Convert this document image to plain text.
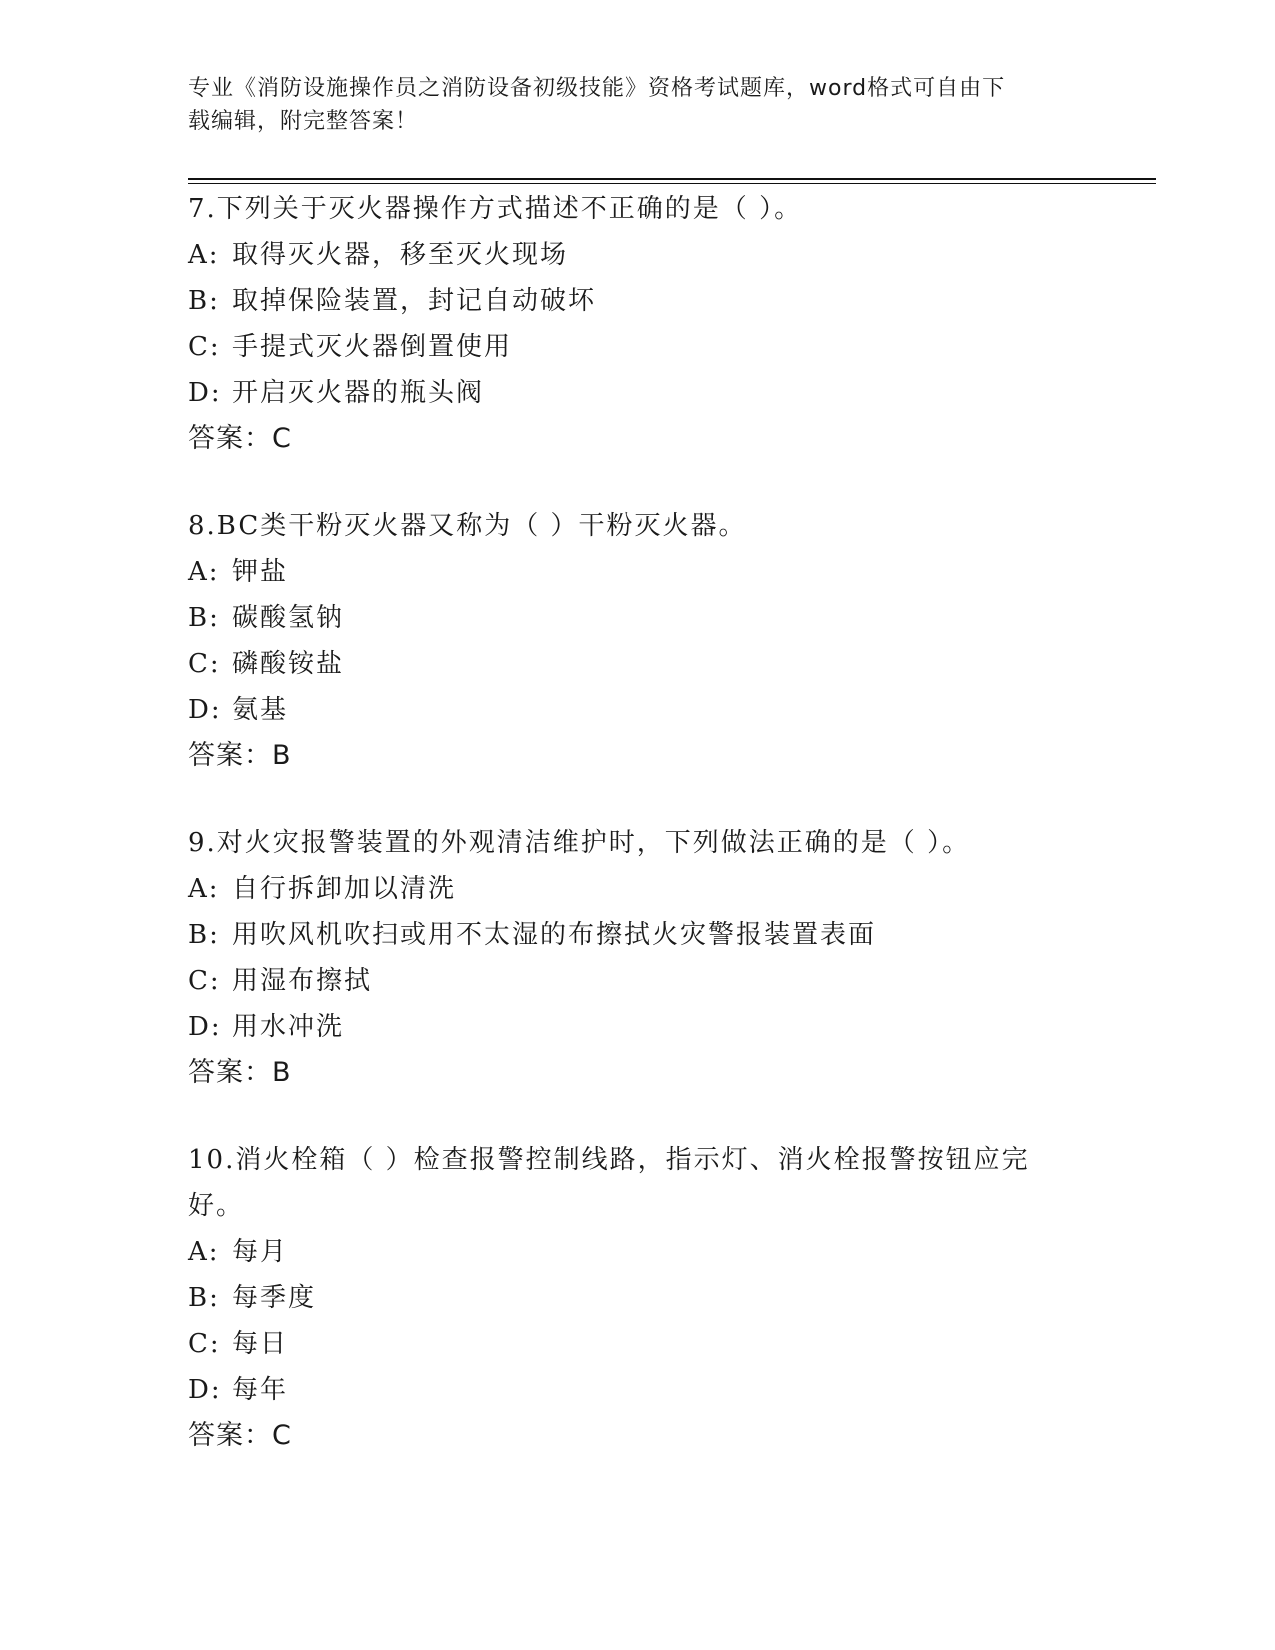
专业《消防设施操作员之消防设备初级技能》资格考试题库，word格式可自由下
载编辑，附完整答案！
7.下列关于灭火器操作方式描述不正确的是（ ）。
A: 取得灭火器，移至灭火现场
B: 取掉保险装置，封记自动破坏
C: 手提式灭火器倒置使用
D: 开启灭火器的瓶头阀
答案：C
8.BC类干粉灭火器又称为（ ）干粉灭火器。
A: 钾盐
B: 碳酸氢钠
C: 磷酸铵盐
D: 氨基
答案：B
9.对火灾报警装置的外观清洁维护时，下列做法正确的是（ ）。
A: 自行拆卸加以清洗
B: 用吹风机吹扫或用不太湿的布擦拭火灾警报装置表面
C: 用湿布擦拭
D: 用水冲洗
答案：B
10.消火栓箱（ ）检查报警控制线路，指示灯、消火栓报警按钮应完
好。
A: 每月
B: 每季度
C: 每日
D: 每年
答案：C
